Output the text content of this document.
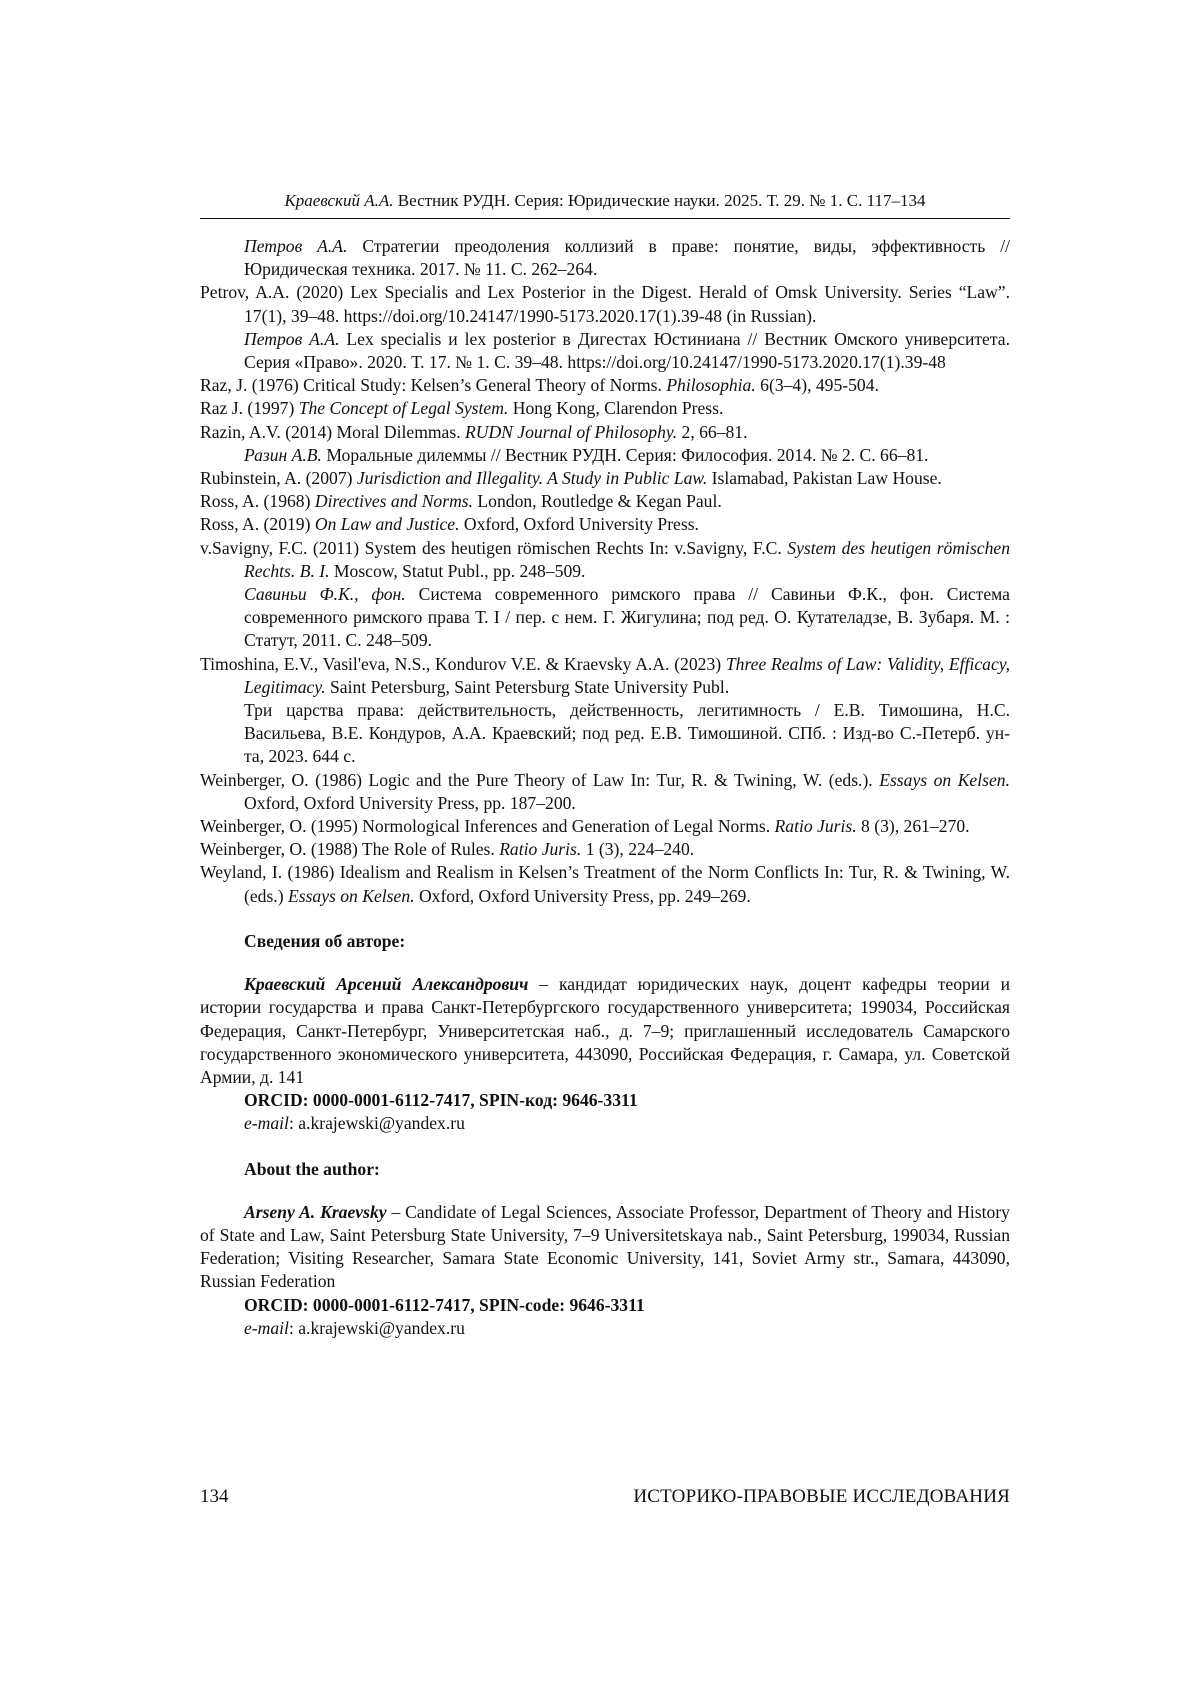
Краевский А.А. Вестник РУДН. Серия: Юридические науки. 2025. Т. 29. № 1. С. 117–134

Петров А.А. Стратегии преодоления коллизий в праве: понятие, виды, эффективность // Юридическая техника. 2017. № 11. С. 262–264.

Petrov, A.A. (2020) Lex Specialis and Lex Posterior in the Digest. Herald of Omsk University. Series “Law”. 17(1), 39–48. https://doi.org/10.24147/1990-5173.2020.17(1).39-48 (in Russian).

Петров А.А. Lex specialis и lex posterior в Дигестах Юстиниана // Вестник Омского университета. Серия «Право». 2020. Т. 17. № 1. С. 39–48. https://doi.org/10.24147/1990-5173.2020.17(1).39-48

Raz, J. (1976) Critical Study: Kelsen’s General Theory of Norms. Philosophia. 6(3–4), 495-504.

Raz J. (1997) The Concept of Legal System. Hong Kong, Clarendon Press.

Razin, A.V. (2014) Moral Dilemmas. RUDN Journal of Philosophy. 2, 66–81.

Разин А.В. Моральные дилеммы // Вестник РУДН. Серия: Философия. 2014. № 2. С. 66–81.

Rubinstein, A. (2007) Jurisdiction and Illegality. A Study in Public Law. Islamabad, Pakistan Law House.

Ross, A. (1968) Directives and Norms. London, Routledge & Kegan Paul.

Ross, A. (2019) On Law and Justice. Oxford, Oxford University Press.

v.Savigny, F.C. (2011) System des heutigen römischen Rechts In: v.Savigny, F.C. System des heutigen römischen Rechts. B. I. Moscow, Statut Publ., pp. 248–509.

Савиньи Ф.К., фон. Система современного римского права // Савиньи Ф.К., фон. Система современного римского права Т. I / пер. с нем. Г. Жигулина; под ред. О. Кутателадзе, В. Зубаря. М. : Статут, 2011. С. 248–509.

Timoshina, E.V., Vasil'eva, N.S., Kondurov V.E. & Kraevsky A.A. (2023) Three Realms of Law: Validity, Efficacy, Legitimacy. Saint Petersburg, Saint Petersburg State University Publ.

Три царства права: действительность, действенность, легитимность / Е.В. Тимошина, Н.С. Васильева, В.Е. Кондуров, А.А. Краевский; под ред. Е.В. Тимошиной. СПб. : Изд-во С.-Петерб. ун-та, 2023. 644 с.

Weinberger, O. (1986) Logic and the Pure Theory of Law In: Tur, R. & Twining, W. (eds.). Essays on Kelsen. Oxford, Oxford University Press, pp. 187–200.

Weinberger, O. (1995) Normological Inferences and Generation of Legal Norms. Ratio Juris. 8 (3), 261–270.

Weinberger, O. (1988) The Role of Rules. Ratio Juris. 1 (3), 224–240.

Weyland, I. (1986) Idealism and Realism in Kelsen’s Treatment of the Norm Conflicts In: Tur, R. & Twining, W. (eds.) Essays on Kelsen. Oxford, Oxford University Press, pp. 249–269.

Сведения об авторе:

Краевский Арсений Александрович – кандидат юридических наук, доцент кафедры теории и истории государства и права Санкт-Петербургского государственного университета; 199034, Российская Федерация, Санкт-Петербург, Университетская наб., д. 7–9; приглашенный исследователь Самарского государственного экономического университета, 443090, Российская Федерация, г. Самара, ул. Советской Армии, д. 141

ORCID: 0000-0001-6112-7417, SPIN-код: 9646-3311

e-mail: a.krajewski@yandex.ru

About the author:

Arseny A. Kraevsky – Candidate of Legal Sciences, Associate Professor, Department of Theory and History of State and Law, Saint Petersburg State University, 7–9 Universitetskaya nab., Saint Petersburg, 199034, Russian Federation; Visiting Researcher, Samara State Economic University, 141, Soviet Army str., Samara, 443090, Russian Federation

ORCID: 0000-0001-6112-7417, SPIN-code: 9646-3311

e-mail: a.krajewski@yandex.ru

134	ИСТОРИКО-ПРАВОВЫЕ ИССЛЕДОВАНИЯ
